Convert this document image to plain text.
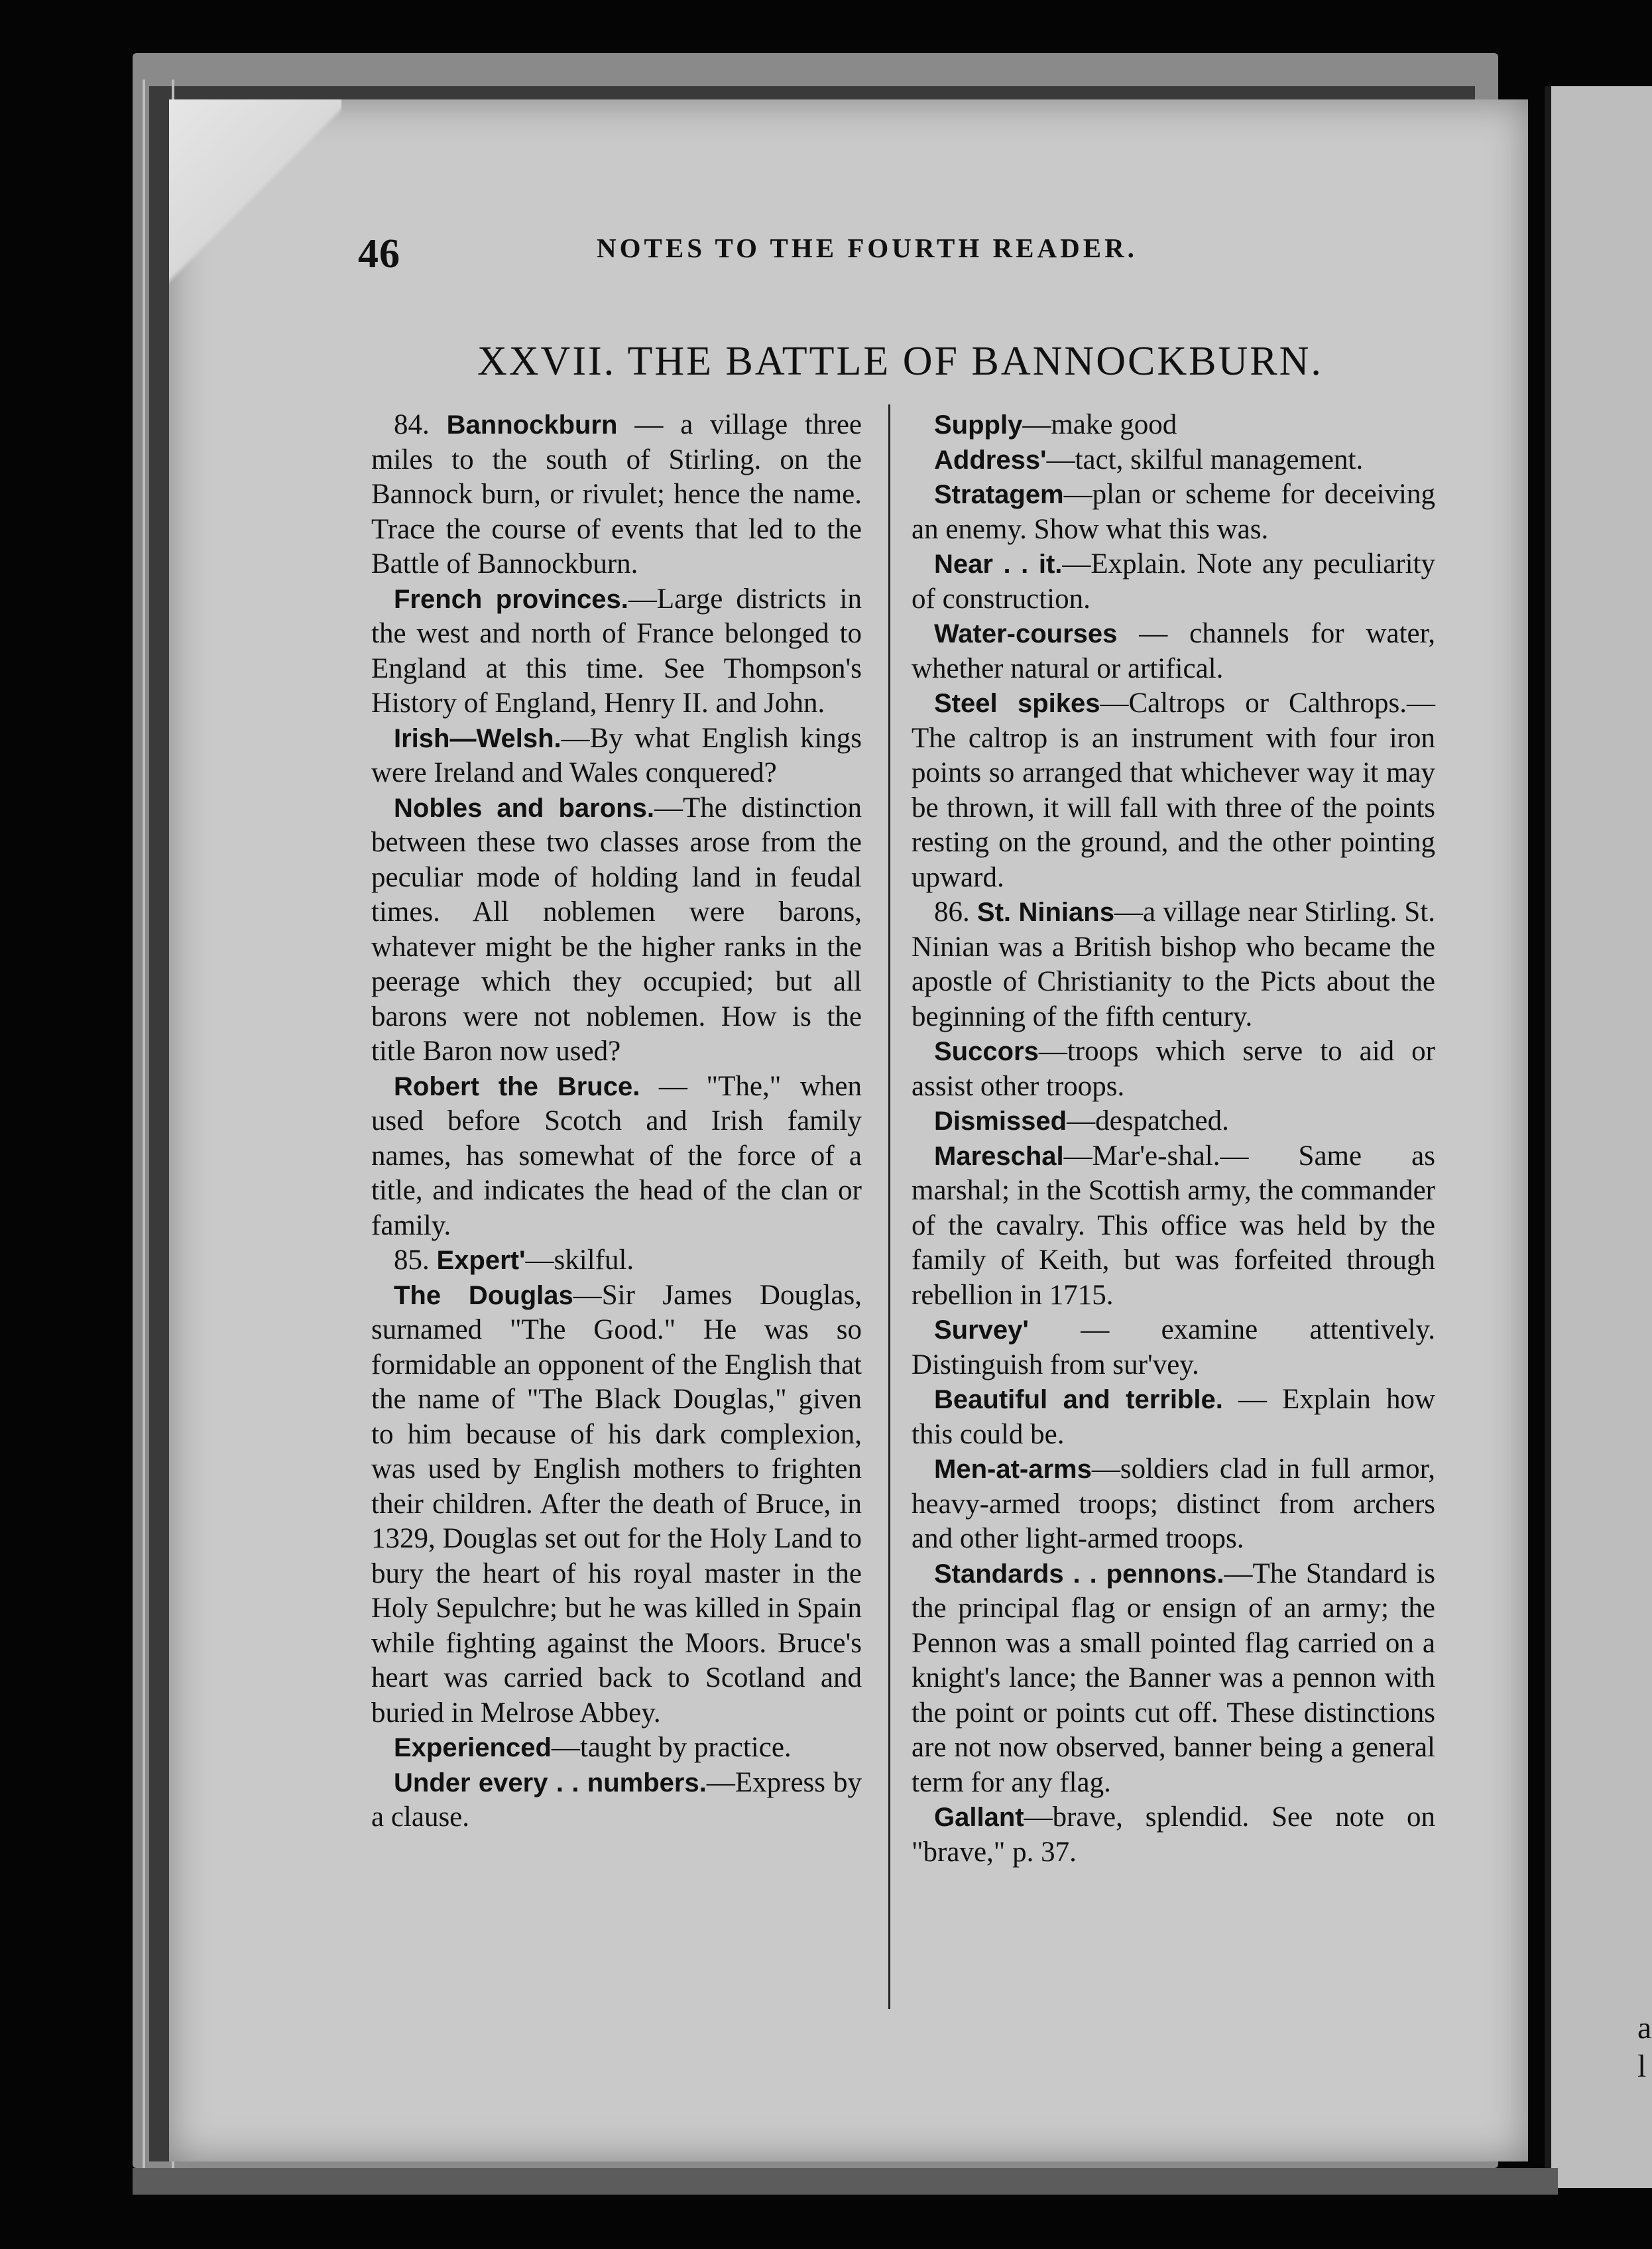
46	NOTES TO THE FOURTH READER.
XXVII. THE BATTLE OF BANNOCKBURN.

84. Bannockburn — a village three miles to the south of Stirling. on the Bannock burn, or rivulet; hence the name. Trace the course of events that led to the Battle of Bannockburn.

French provinces.—Large districts in the west and north of France belonged to England at this time. See Thompson's History of England, Henry II. and John.

Irish—Welsh.—By what English kings were Ireland and Wales conquered?

Nobles and barons.—The distinction between these two classes arose from the peculiar mode of holding land in feudal times. All noblemen were barons, whatever might be the higher ranks in the peerage which they occupied; but all barons were not noblemen. How is the title Baron now used?

Robert the Bruce. — "The," when used before Scotch and Irish family names, has somewhat of the force of a title, and indicates the head of the clan or family.

85. Expert'—skilful.

The Douglas—Sir James Douglas, surnamed "The Good." He was so formidable an opponent of the English that the name of "The Black Douglas," given to him because of his dark complexion, was used by English mothers to frighten their children. After the death of Bruce, in 1329, Douglas set out for the Holy Land to bury the heart of his royal master in the Holy Sepulchre; but he was killed in Spain while fighting against the Moors. Bruce's heart was carried back to Scotland and buried in Melrose Abbey.

Experienced—taught by practice.

Under every . . numbers.—Express by a clause.

Supply—make good

Address'—tact, skilful management.

Stratagem—plan or scheme for deceiving an enemy. Show what this was.

Near . . it.—Explain. Note any peculiarity of construction.

Water-courses — channels for water, whether natural or artifical.

Steel spikes—Caltrops or Calthrops.—The caltrop is an instrument with four iron points so arranged that whichever way it may be thrown, it will fall with three of the points resting on the ground, and the other pointing upward.

86. St. Ninians—a village near Stirling. St. Ninian was a British bishop who became the apostle of Christianity to the Picts about the beginning of the fifth century.

Succors—troops which serve to aid or assist other troops.

Dismissed—despatched.

Mareschal—Mar'e-shal.— Same as marshal; in the Scottish army, the commander of the cavalry. This office was held by the family of Keith, but was forfeited through rebellion in 1715.

Survey' — examine attentively. Distinguish from sur'vey.

Beautiful and terrible. — Explain how this could be.

Men-at-arms—soldiers clad in full armor, heavy-armed troops; distinct from archers and other light-armed troops.

Standards . . pennons.—The Standard is the principal flag or ensign of an army; the Pennon was a small pointed flag carried on a knight's lance; the Banner was a pennon with the point or points cut off. These distinctions are not now observed, banner being a general term for any flag.

Gallant—brave, splendid. See note on "brave," p. 37.

a
l
